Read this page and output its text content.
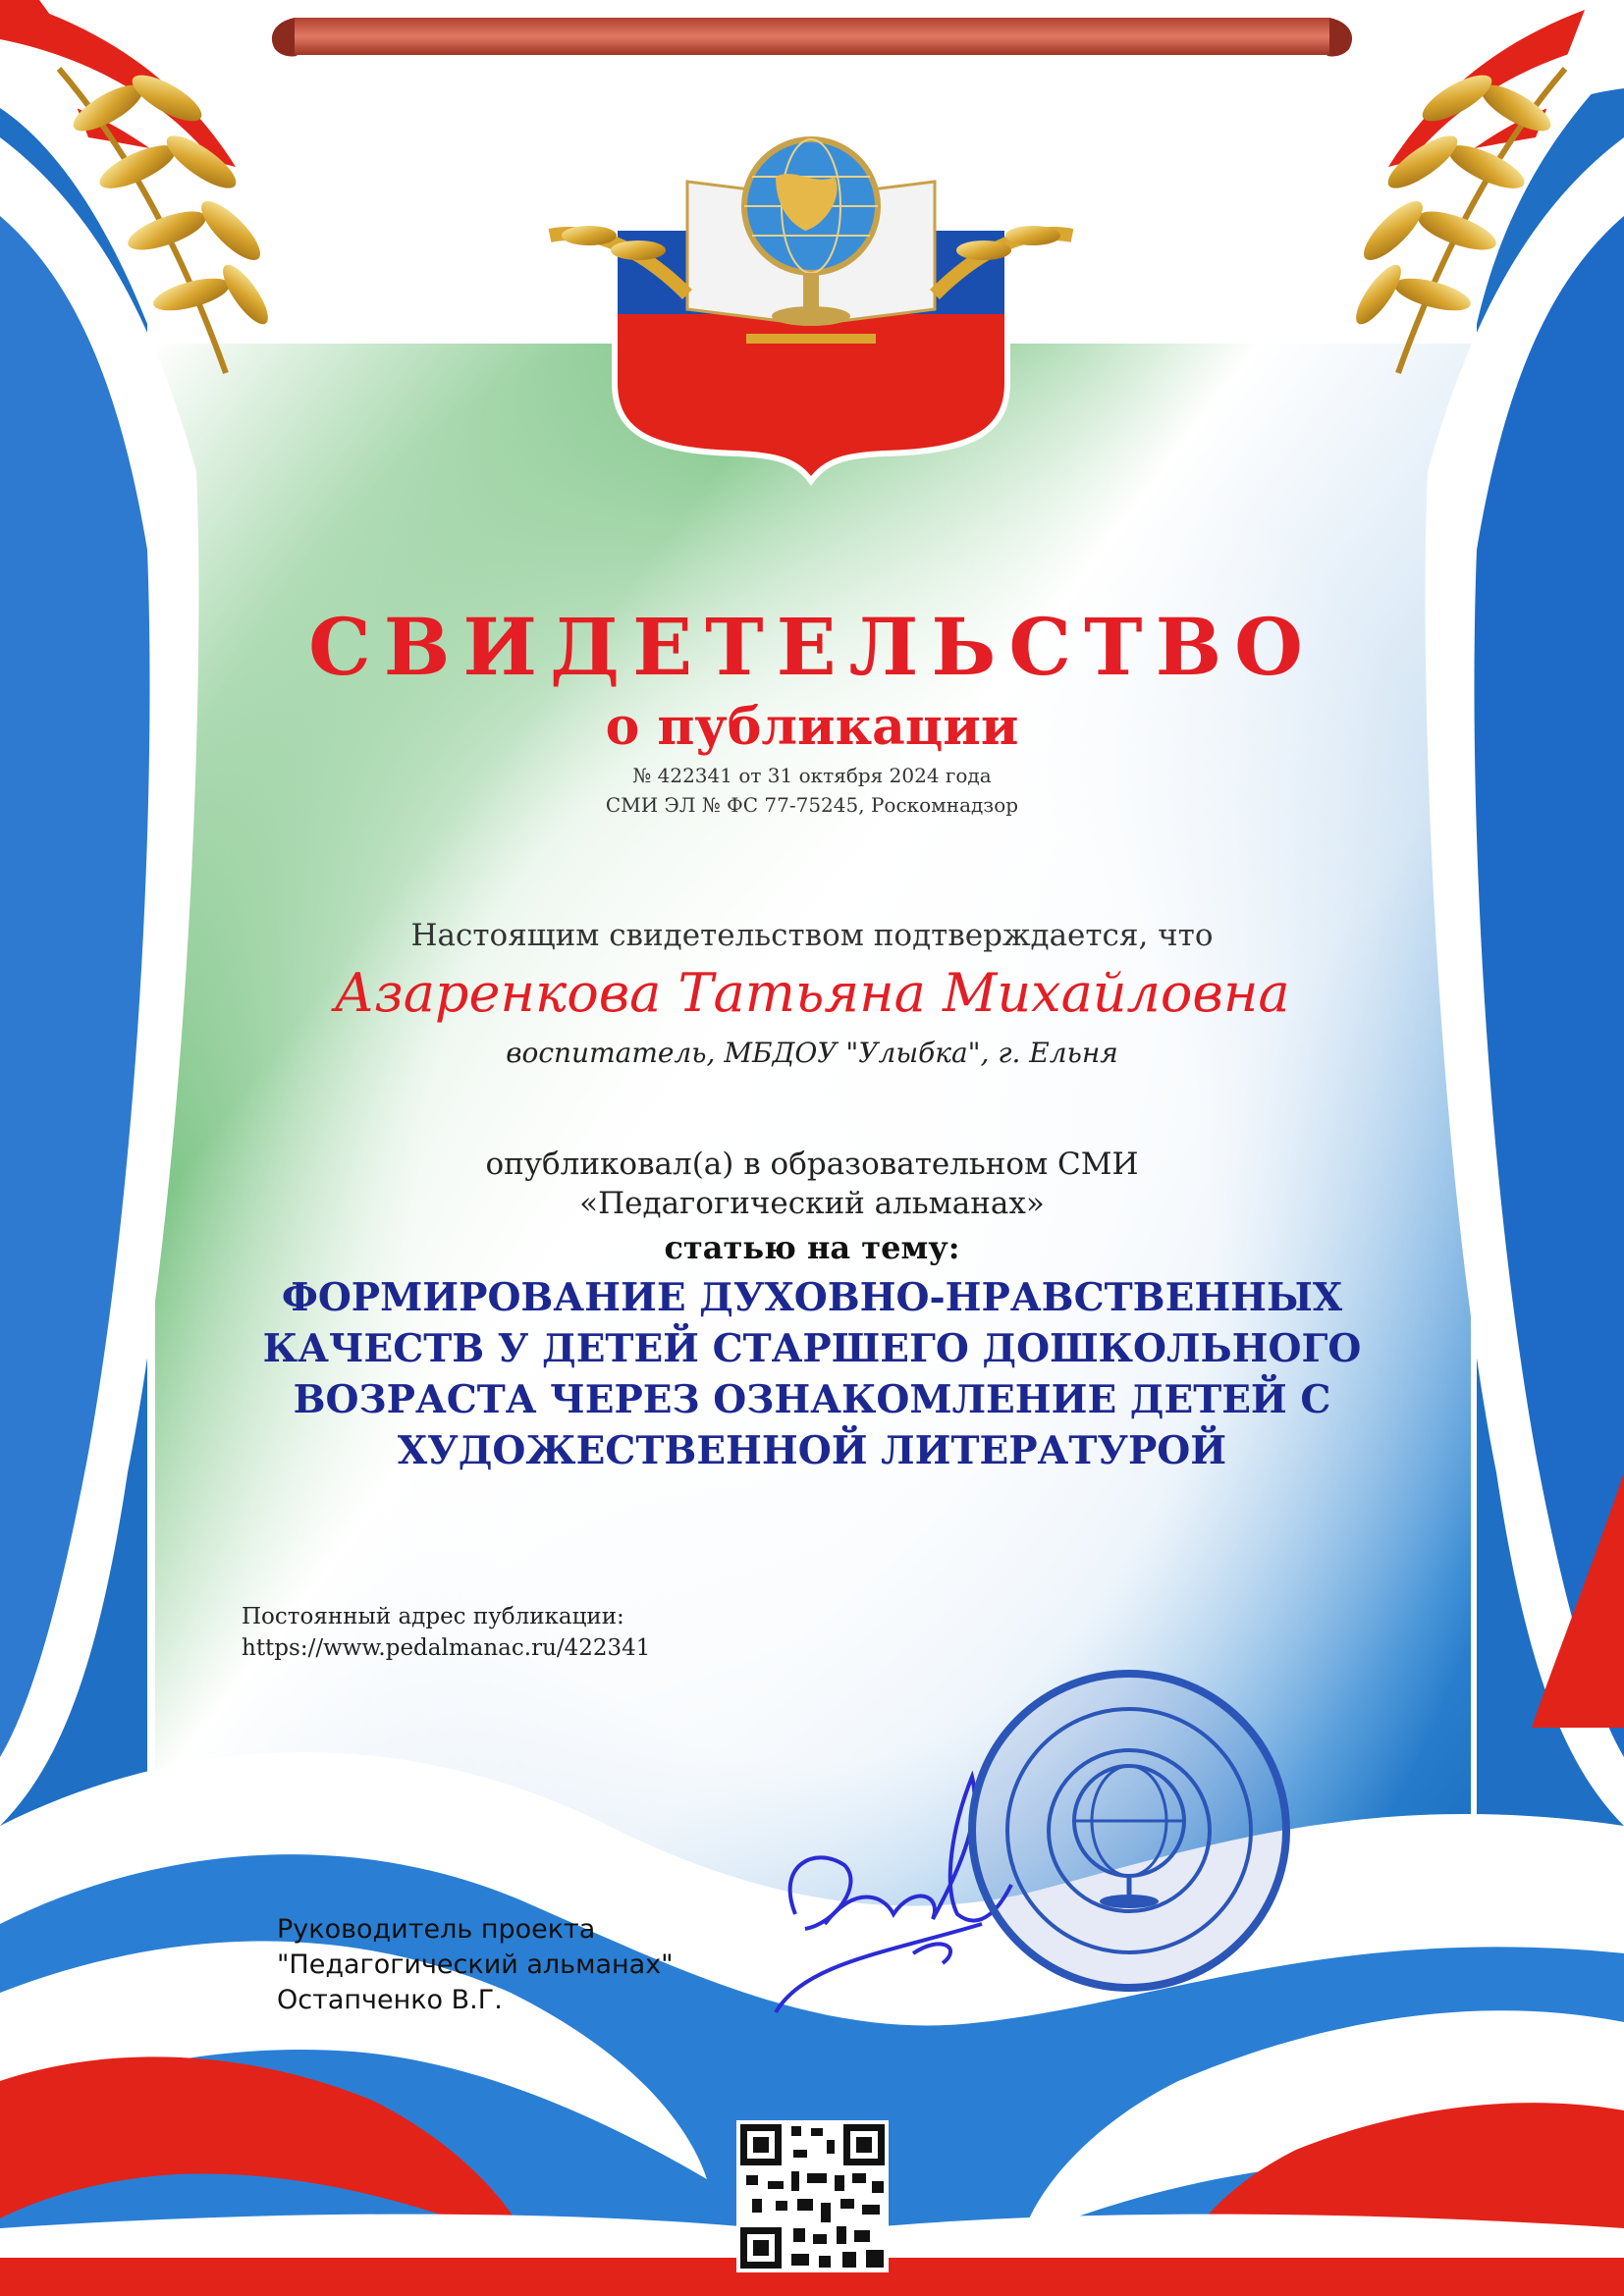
СВИДЕТЕЛЬСТВО
о публикации
№ 422341 от 31 октября 2024 года
СМИ ЭЛ № ФС 77-75245, Роскомнадзор
Настоящим свидетельством подтверждается, что
Азаренкова Татьяна Михайловна
воспитатель, МБДОУ "Улыбка", г. Ельня
опубликовал(а) в образовательном СМИ
«Педагогический альманах»
статью на тему:
ФОРМИРОВАНИЕ ДУХОВНО-НРАВСТВЕННЫХ
КАЧЕСТВ У ДЕТЕЙ СТАРШЕГО ДОШКОЛЬНОГО
ВОЗРАСТА ЧЕРЕЗ ОЗНАКОМЛЕНИЕ ДЕТЕЙ С
ХУДОЖЕСТВЕННОЙ ЛИТЕРАТУРОЙ
Постоянный адрес публикации:
https://www.pedalmanac.ru/422341
Руководитель проекта
"Педагогический альманах"
Остапченко В.Г.
